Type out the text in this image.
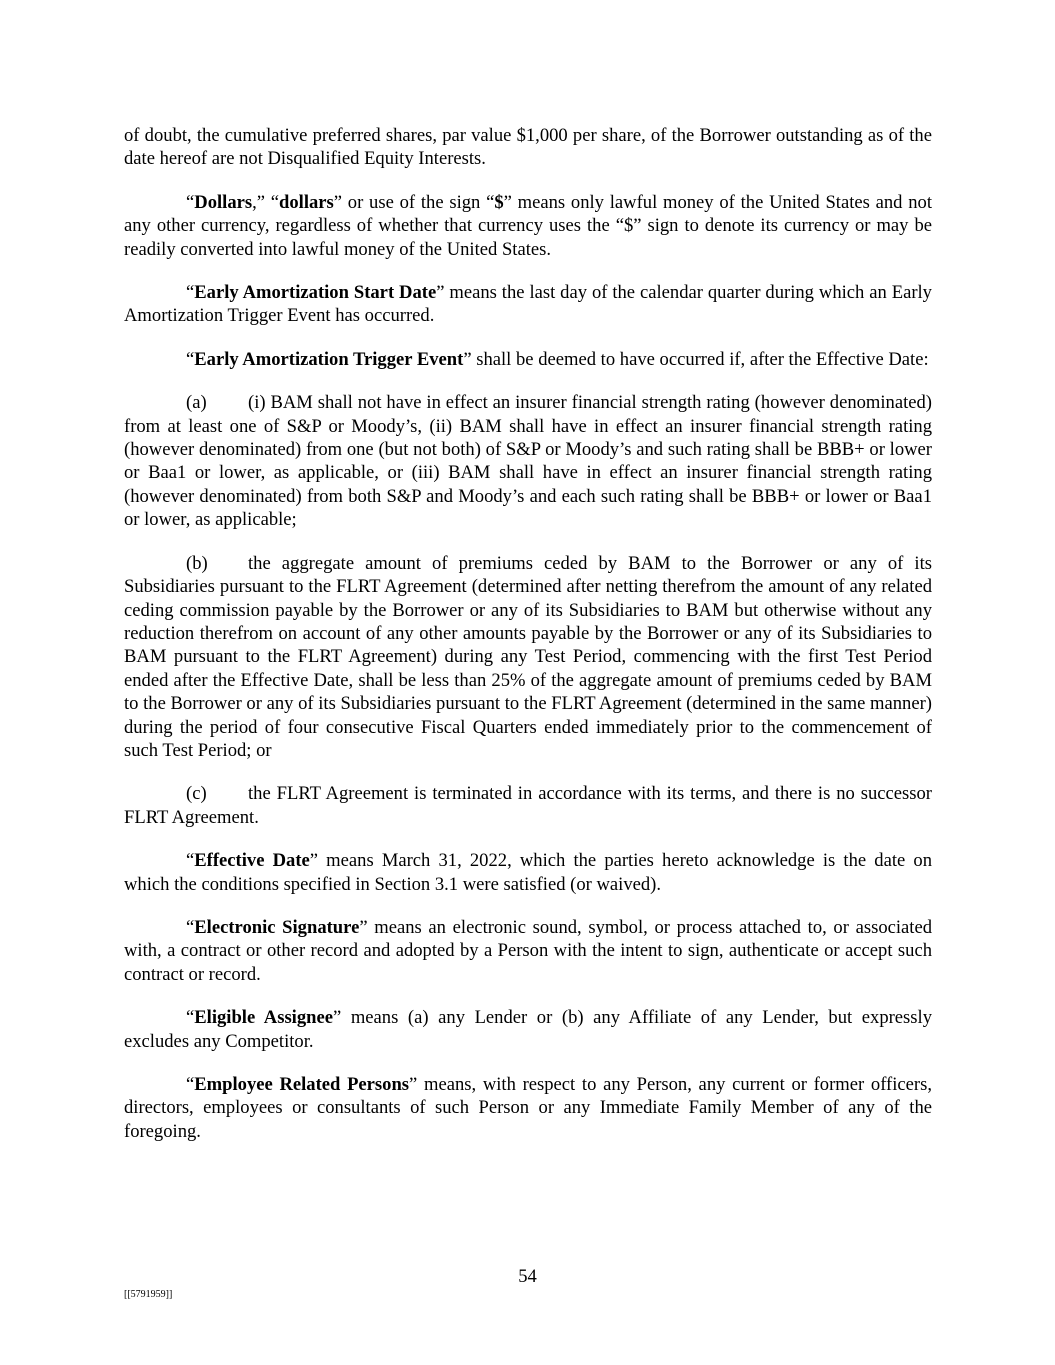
of doubt, the cumulative preferred shares, par value $1,000 per share, of the Borrower outstanding as of the date hereof are not Disqualified Equity Interests.

“Dollars,” “dollars” or use of the sign “$” means only lawful money of the United States and not any other currency, regardless of whether that currency uses the “$” sign to denote its currency or may be readily converted into lawful money of the United States.

“Early Amortization Start Date” means the last day of the calendar quarter during which an Early Amortization Trigger Event has occurred.

“Early Amortization Trigger Event” shall be deemed to have occurred if, after the Effective Date:

(a) (i) BAM shall not have in effect an insurer financial strength rating (however denominated) from at least one of S&P or Moody’s, (ii) BAM shall have in effect an insurer financial strength rating (however denominated) from one (but not both) of S&P or Moody’s and such rating shall be BBB+ or lower or Baa1 or lower, as applicable, or (iii) BAM shall have in effect an insurer financial strength rating (however denominated) from both S&P and Moody’s and each such rating shall be BBB+ or lower or Baa1 or lower, as applicable;

(b) the aggregate amount of premiums ceded by BAM to the Borrower or any of its Subsidiaries pursuant to the FLRT Agreement (determined after netting therefrom the amount of any related ceding commission payable by the Borrower or any of its Subsidiaries to BAM but otherwise without any reduction therefrom on account of any other amounts payable by the Borrower or any of its Subsidiaries to BAM pursuant to the FLRT Agreement) during any Test Period, commencing with the first Test Period ended after the Effective Date, shall be less than 25% of the aggregate amount of premiums ceded by BAM to the Borrower or any of its Subsidiaries pursuant to the FLRT Agreement (determined in the same manner) during the period of four consecutive Fiscal Quarters ended immediately prior to the commencement of such Test Period; or

(c) the FLRT Agreement is terminated in accordance with its terms, and there is no successor FLRT Agreement.

“Effective Date” means March 31, 2022, which the parties hereto acknowledge is the date on which the conditions specified in Section 3.1 were satisfied (or waived).

“Electronic Signature” means an electronic sound, symbol, or process attached to, or associated with, a contract or other record and adopted by a Person with the intent to sign, authenticate or accept such contract or record.

“Eligible Assignee” means (a) any Lender or (b) any Affiliate of any Lender, but expressly excludes any Competitor.

“Employee Related Persons” means, with respect to any Person, any current or former officers, directors, employees or consultants of such Person or any Immediate Family Member of any of the foregoing.

54
[[5791959]]
